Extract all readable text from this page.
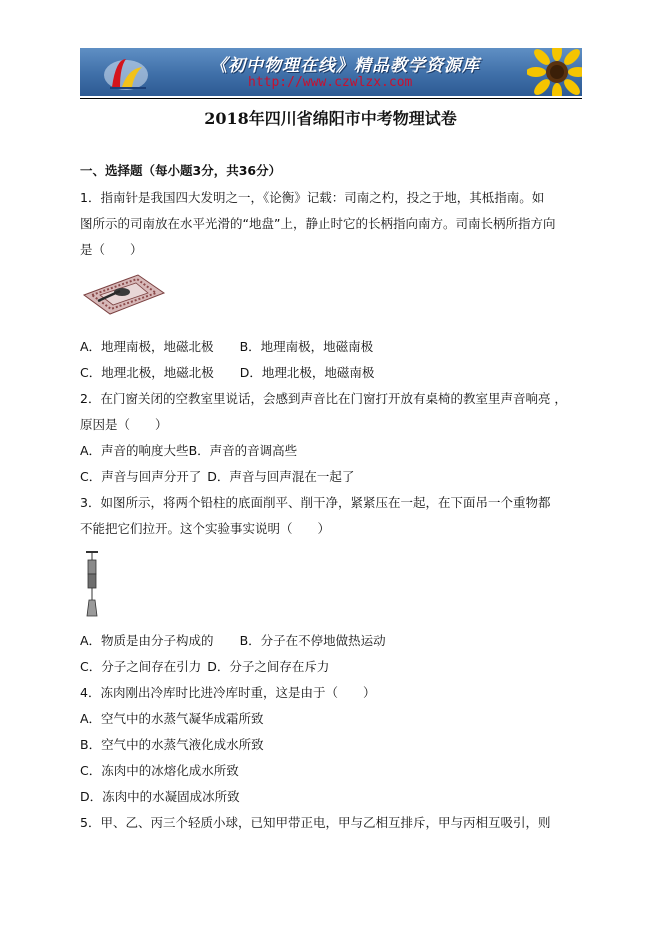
《初中物理在线》精品教学资源库
http://www.czwlzx.com
2018年四川省绵阳市中考物理试卷
一、选择题（每小题3分，共36分）
1．指南针是我国四大发明之一，《论衡》记载：司南之杓，投之于地，其柢指南。如
图所示的司南放在水平光滑的“地盘”上，静止时它的长柄指向南方。司南长柄所指方向
是（　　）
A．地理南极，地磁北极 B．地理南极，地磁南极
C．地理北极，地磁北极 D．地理北极，地磁南极
2．在门窗关闭的空教室里说话，会感到声音比在门窗打开放有桌椅的教室里声音响亮 ，
原因是（　　）
A．声音的响度大些B．声音的音调高些
C．声音与回声分开了 D．声音与回声混在一起了
3．如图所示，将两个铅柱的底面削平、削干净，紧紧压在一起，在下面吊一个重物都
不能把它们拉开。这个实验事实说明（　　）
A．物质是由分子构成的 B．分子在不停地做热运动
C．分子之间存在引力 D．分子之间存在斥力
4．冻肉刚出冷库时比进冷库时重，这是由于（　　）
A．空气中的水蒸气凝华成霜所致
B．空气中的水蒸气液化成水所致
C．冻肉中的冰熔化成水所致
D．冻肉中的水凝固成冰所致
5．甲、乙、丙三个轻质小球，已知甲带正电，甲与乙相互排斥，甲与丙相互吸引，则
